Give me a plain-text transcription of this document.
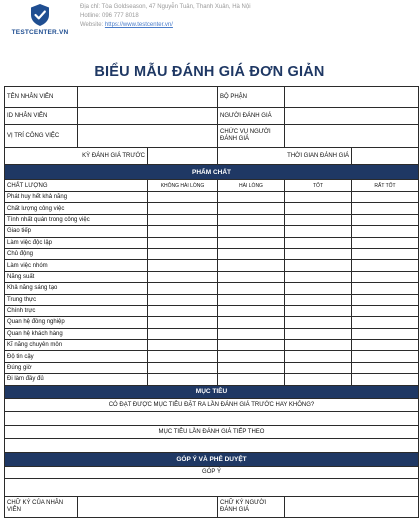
TESTCENTER.VN
Địa chỉ: Tòa Goldseason, 47 Nguyễn Tuân, Thanh Xuân, Hà Nội
Hotline: 096 777 8018
Website: https://www.testcenter.vn/
BIỂU MẪU ĐÁNH GIÁ ĐƠN GIẢN
TÊN NHÂN VIÊN			BỘ PHẬN		
ID NHÂN VIÊN			NGƯỜI ĐÁNH GIÁ		
VỊ TRÍ CÔNG VIỆC			CHỨC VỤ NGƯỜI ĐÁNH GIÁ		
KỲ ĐÁNH GIÁ TRƯỚC			THỜI GIAN ĐÁNH GIÁ		
PHẨM CHẤT					
CHẤT LƯỢNG		KHÔNG HÀI LÒNG	HÀI LÒNG	TỐT	RẤT TỐT
Phát huy hết khả năng					
Chất lượng công việc					
Tính nhất quán trong công việc					
Giao tiếp					
Làm việc độc lập					
Chủ động					
Làm việc nhóm					
Năng suất					
Khả năng sáng tạo					
Trung thực					
Chính trực					
Quan hệ đồng nghiệp					
Quan hệ khách hàng					
Kĩ năng chuyên môn					
Độ tin cậy					
Đúng giờ					
Đi làm đầy đủ					
MỤC TIÊU					
CÓ ĐẠT ĐƯỢC MỤC TIÊU ĐẶT RA LẦN ĐÁNH GIÁ TRƯỚC HAY KHÔNG?					

MỤC TIÊU LẦN ĐÁNH GIÁ TIẾP THEO					

GÓP Ý VÀ PHÊ DUYỆT					
GÓP Ý					

CHỮ KÝ CỦA NHÂN VIÊN			CHỮ KÝ NGƯỜI ĐÁNH GIÁ		
